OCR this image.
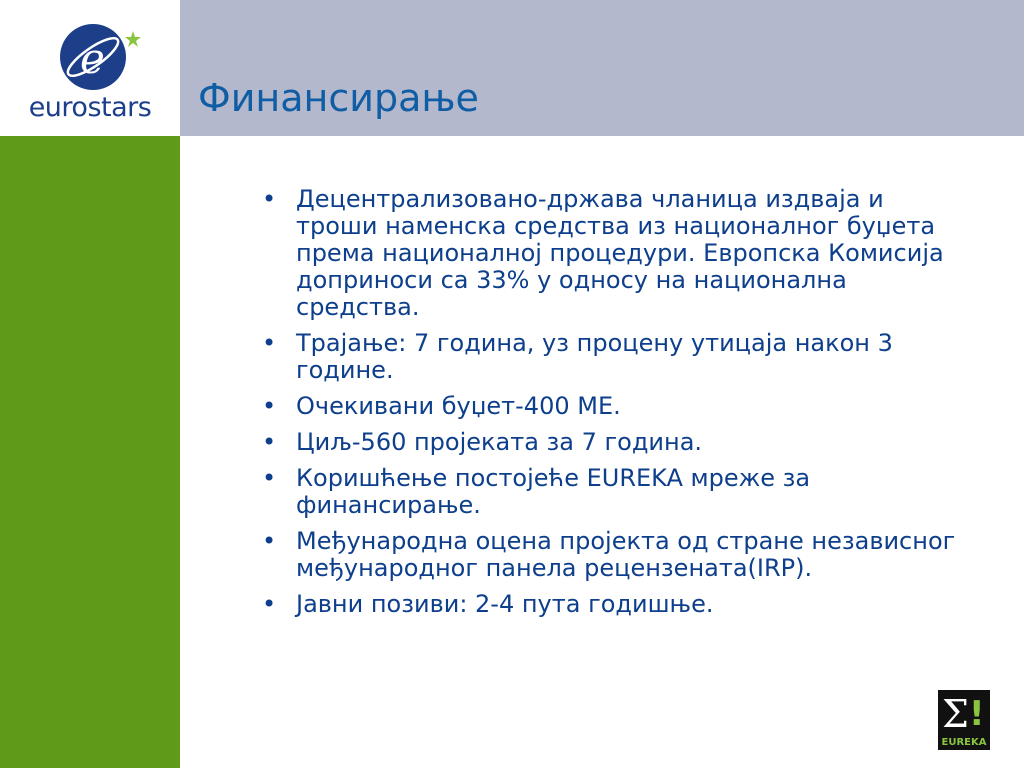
e
eurostars	Финансирање
• Децентрализовано-држава чланица издваја и троши наменска средства из националног буџета према националној процедури. Европска Комисија доприноси са 33% у односу на национална средства.
• Трајање: 7 година, уз процену утицаја након 3 године.
• Очекивани буџет-400 МЕ.
• Циљ-560 пројеката за 7 година.
• Коришћење постојеће EUREKA мреже за финансирање.
• Међународна оцена пројекта од стране независног међународног панела рецензената(IRP).
• Јавни позиви: 2-4 пута годишње.
Σ !
EUREKA
